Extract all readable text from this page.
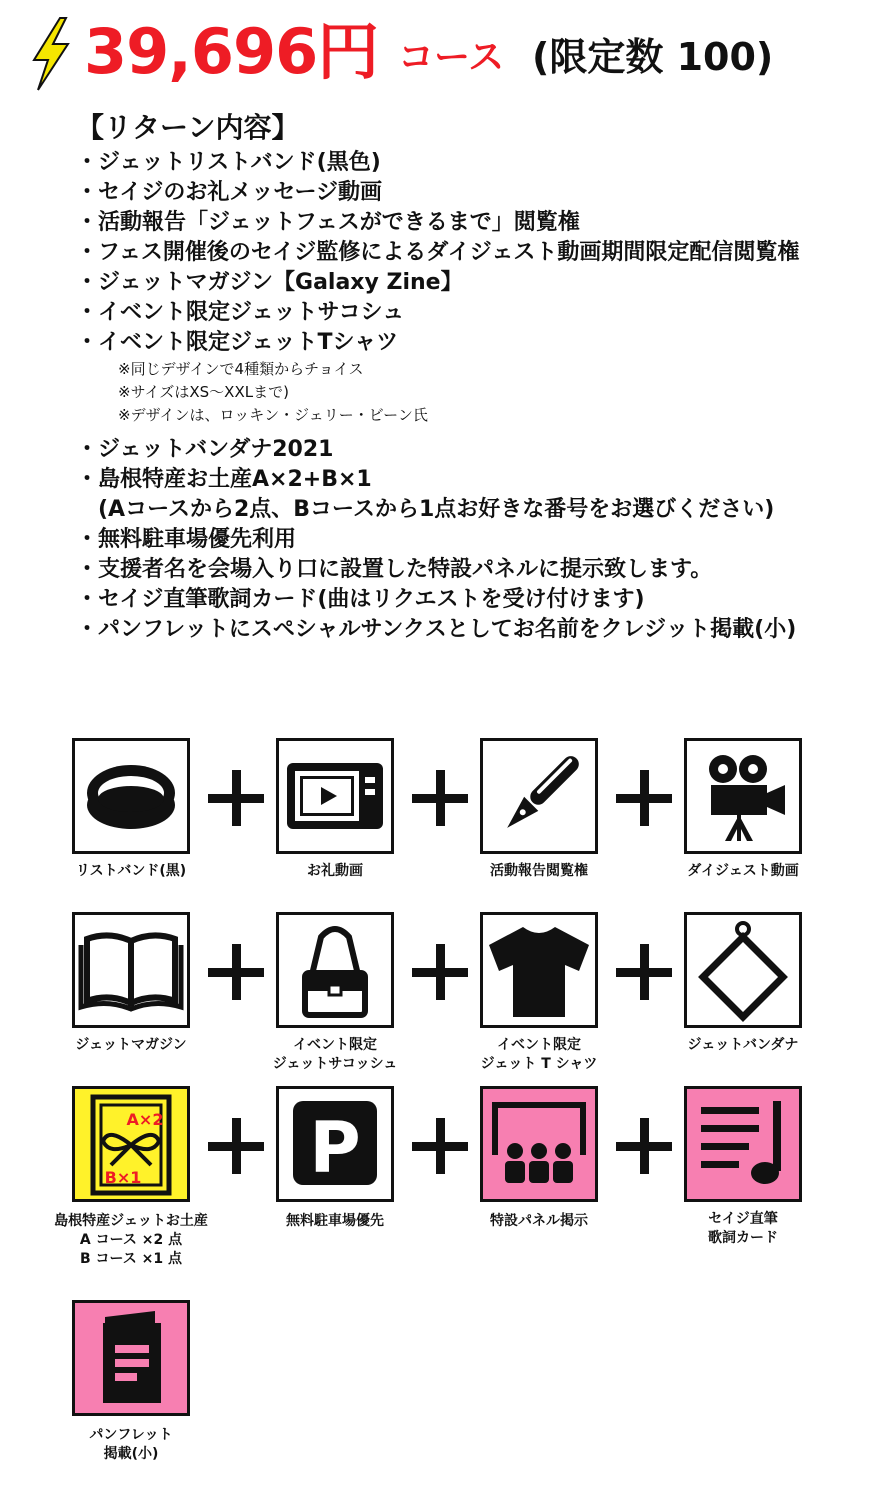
39,696円 コース (限定数 100)
【リターン内容】
・ジェットリストバンド(黒色)
・セイジのお礼メッセージ動画
・活動報告「ジェットフェスができるまで」閲覧権
・フェス開催後のセイジ監修によるダイジェスト動画期間限定配信閲覧権
・ジェットマガジン【Galaxy Zine】
・イベント限定ジェットサコシュ
・イベント限定ジェットTシャツ
※同じデザインで4種類からチョイス
※サイズはXS〜XXLまで)
※デザインは、ロッキン・ジェリー・ビーン氏
・ジェットバンダナ2021
・島根特産お土産A×2+B×1
(Aコースから2点、Bコースから1点お好きな番号をお選びください)
・無料駐車場優先利用
・支援者名を会場入り口に設置した特設パネルに提示致します。
・セイジ直筆歌詞カード(曲はリクエストを受け付けます)
・パンフレットにスペシャルサンクスとしてお名前をクレジット掲載(小)
リストバンド(黒)	お礼動画	活動報告閲覧権	ダイジェスト動画
ジェットマガジン	イベント限定
ジェットサコッシュ
イベント限定
ジェット T シャツ
ジェットバンダナ
A×2
B×1 P
島根特産ジェットお土産
A コース ×2 点
B コース ×1 点
無料駐車場優先	特設パネル掲示	セイジ直筆
歌詞カード
パンフレット
掲載(小)
